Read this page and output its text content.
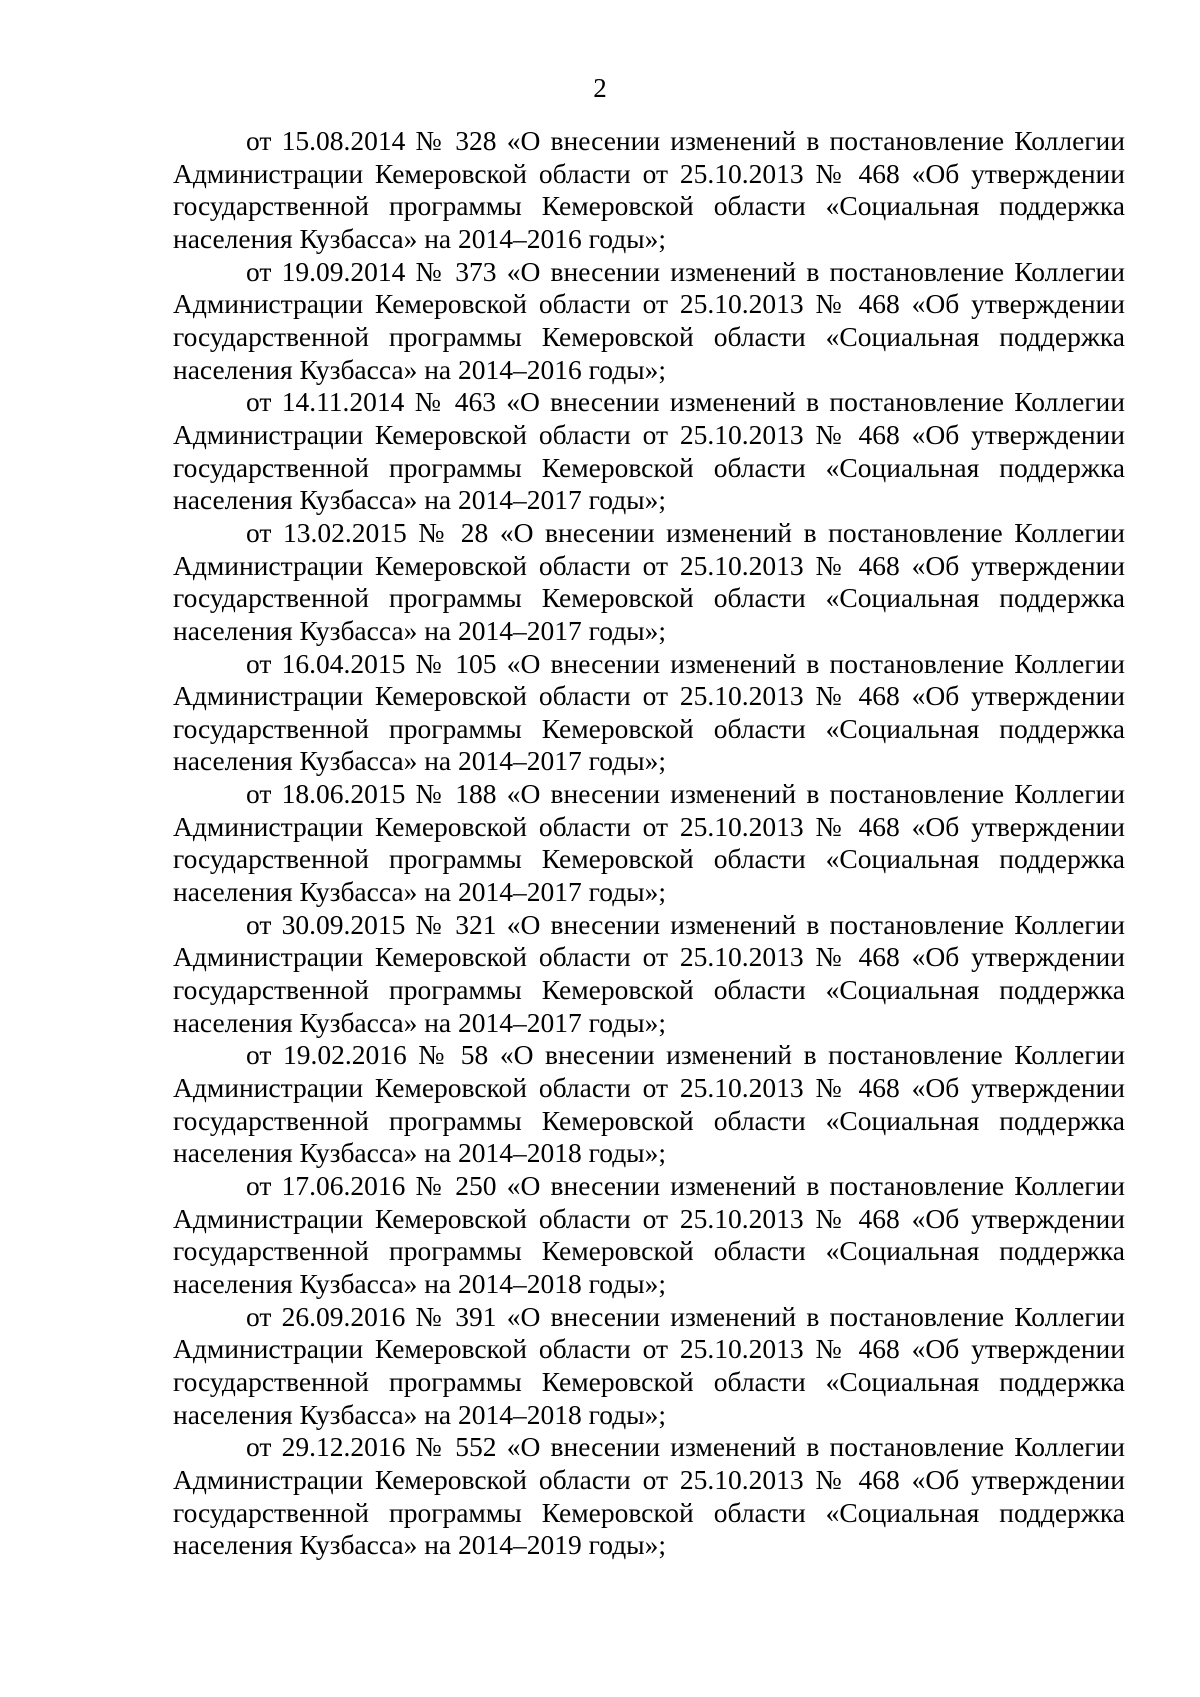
2

от 15.08.2014 № 328 «О внесении изменений в постановление Коллегии Администрации Кемеровской области от 25.10.2013 № 468 «Об утверждении государственной программы Кемеровской области «Социальная поддержка населения Кузбасса» на 2014–2016 годы»;

от 19.09.2014 № 373 «О внесении изменений в постановление Коллегии Администрации Кемеровской области от 25.10.2013 № 468 «Об утверждении государственной программы Кемеровской области «Социальная поддержка населения Кузбасса» на 2014–2016 годы»;

от 14.11.2014 № 463 «О внесении изменений в постановление Коллегии Администрации Кемеровской области от 25.10.2013 № 468 «Об утверждении государственной программы Кемеровской области «Социальная поддержка населения Кузбасса» на 2014–2017 годы»;

от 13.02.2015 № 28 «О внесении изменений в постановление Коллегии Администрации Кемеровской области от 25.10.2013 № 468 «Об утверждении государственной программы Кемеровской области «Социальная поддержка населения Кузбасса» на 2014–2017 годы»;

от 16.04.2015 № 105 «О внесении изменений в постановление Коллегии Администрации Кемеровской области от 25.10.2013 № 468 «Об утверждении государственной программы Кемеровской области «Социальная поддержка населения Кузбасса» на 2014–2017 годы»;

от 18.06.2015 № 188 «О внесении изменений в постановление Коллегии Администрации Кемеровской области от 25.10.2013 № 468 «Об утверждении государственной программы Кемеровской области «Социальная поддержка населения Кузбасса» на 2014–2017 годы»;

от 30.09.2015 № 321 «О внесении изменений в постановление Коллегии Администрации Кемеровской области от 25.10.2013 № 468 «Об утверждении государственной программы Кемеровской области «Социальная поддержка населения Кузбасса» на 2014–2017 годы»;

от 19.02.2016 № 58 «О внесении изменений в постановление Коллегии Администрации Кемеровской области от 25.10.2013 № 468 «Об утверждении государственной программы Кемеровской области «Социальная поддержка населения Кузбасса» на 2014–2018 годы»;

от 17.06.2016 № 250 «О внесении изменений в постановление Коллегии Администрации Кемеровской области от 25.10.2013 № 468 «Об утверждении государственной программы Кемеровской области «Социальная поддержка населения Кузбасса» на 2014–2018 годы»;

от 26.09.2016 № 391 «О внесении изменений в постановление Коллегии Администрации Кемеровской области от 25.10.2013 № 468 «Об утверждении государственной программы Кемеровской области «Социальная поддержка населения Кузбасса» на 2014–2018 годы»;

от 29.12.2016 № 552 «О внесении изменений в постановление Коллегии Администрации Кемеровской области от 25.10.2013 № 468 «Об утверждении государственной программы Кемеровской области «Социальная поддержка населения Кузбасса» на 2014–2019 годы»;
